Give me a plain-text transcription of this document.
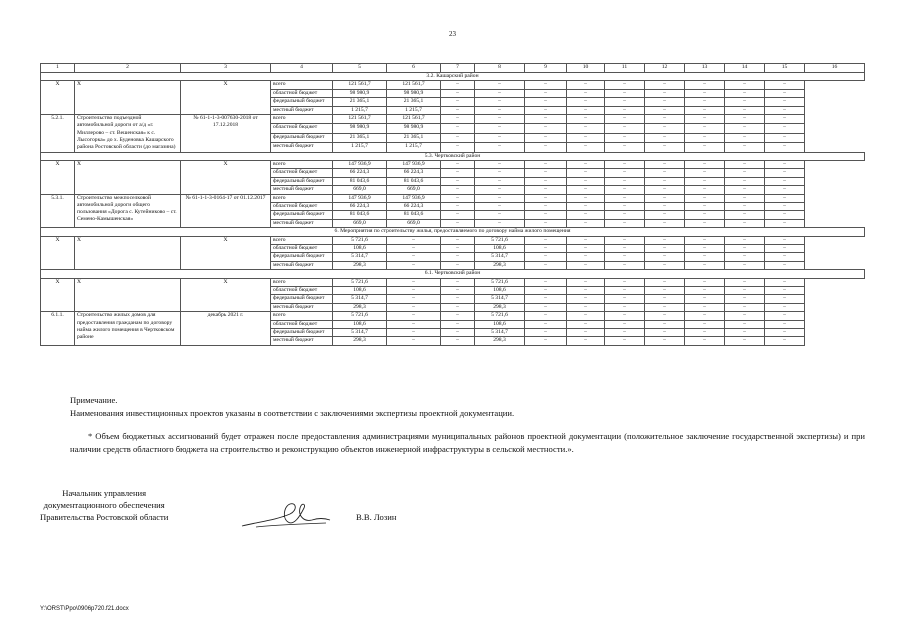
23
1	2	3	4	5	6	7	8	9	10	11	12	13	14	15	16
3.2. Кашарский район															
Х	Х	Х	всего	121 561,7	121 561,7	–	–	–	–	–	–	–	–	–	
			областной бюджет	98 980,9	98 980,9	–	–	–	–	–	–	–	–	–	
			федеральный бюджет	21 365,1	21 365,1	–	–	–	–	–	–	–	–	–	
			местный бюджет	1 215,7	1 215,7	–	–	–	–	–	–	–	–	–	
5.2.1.	Строительство подъездной автомобильной дороги от а/д «г. Миллерово – ст. Вешенская» к с. Лысогорка» до х. Буденовка Кашарского района Ростовской области (до магазина)	№ 61-1-1-3-007630-2018 от 17.12.2018	всего	121 561,7	121 561,7	–	–	–	–	–	–	–	–	–	
			областной бюджет	98 980,9	98 980,9	–	–	–	–	–	–	–	–	–	
			федеральный бюджет	21 365,1	21 365,1	–	–	–	–	–	–	–	–	–	
			местный бюджет	1 215,7	1 215,7	–	–	–	–	–	–	–	–	–	
5.3. Чертковский район															
Х	Х	Х	всего	147 936,9	147 936,9	–	–	–	–	–	–	–	–	–	
			областной бюджет	66 224,3	66 224,3	–	–	–	–	–	–	–	–	–	
			федеральный бюджет	81 043,6	81 043,6	–	–	–	–	–	–	–	–	–	
			местный бюджет	669,0	669,0	–	–	–	–	–	–	–	–	–	
5.3.1.	Строительство межпоселковой автомобильной дороги общего пользования «Дорога с. Кутейниково – ст. Семено-Камышенская»	№ 61-1-1-3-0164-17 от 01.12.2017	всего	147 936,9	147 936,9	–	–	–	–	–	–	–	–	–	
			областной бюджет	66 224,3	66 224,3	–	–	–	–	–	–	–	–	–	
			федеральный бюджет	81 043,6	81 043,6	–	–	–	–	–	–	–	–	–	
			местный бюджет	669,0	669,0	–	–	–	–	–	–	–	–	–	
6. Мероприятия по строительству жилья, предоставляемого по договору найма жилого помещения															
Х	Х	Х	всего	5 721,6	–	–	5 721,6	–	–	–	–	–	–	–	
			областной бюджет	108,6	–	–	108,6	–	–	–	–	–	–	–	
			федеральный бюджет	5 314,7	–	–	5 314,7	–	–	–	–	–	–	–	
			местный бюджет	298,3	–	–	298,3	–	–	–	–	–	–	–	
6.1. Чертковский район															
Х	Х	Х	всего	5 721,6	–	–	5 721,6	–	–	–	–	–	–	–	
			областной бюджет	108,6	–	–	108,6	–	–	–	–	–	–	–	
			федеральный бюджет	5 314,7	–	–	5 314,7	–	–	–	–	–	–	–	
			местный бюджет	298,3	–	–	298,3	–	–	–	–	–	–	–	
6.1.1.	Строительство жилых домов для предоставления гражданам по договору найма жилого помещения в Чертковском районе	декабрь 2021 г.	всего	5 721,6	–	–	5 721,6	–	–	–	–	–	–	–	
			областной бюджет	108,6	–	–	108,6	–	–	–	–	–	–	–	
			федеральный бюджет	5 314,7	–	–	5 314,7	–	–	–	–	–	–	–	
			местный бюджет	298,3	–	–	298,3	–	–	–	–	–	–	–	

Примечание.

Наименования инвестиционных проектов указаны в соответствии с заключениями экспертизы проектной документации.

* Объем бюджетных ассигнований будет отражен после предоставления администрациями муниципальных районов проектной документации (положительное заключение государственной экспертизы) и при наличии средств областного бюджета на строительство и реконструкцию объектов инженерной инфраструктуры в сельской местности.».

Начальник управления
документационного обеспечения
Правительства Ростовской области	В.В. Лозин
Y:\ORST\Ppo\0906p720.f21.docx
